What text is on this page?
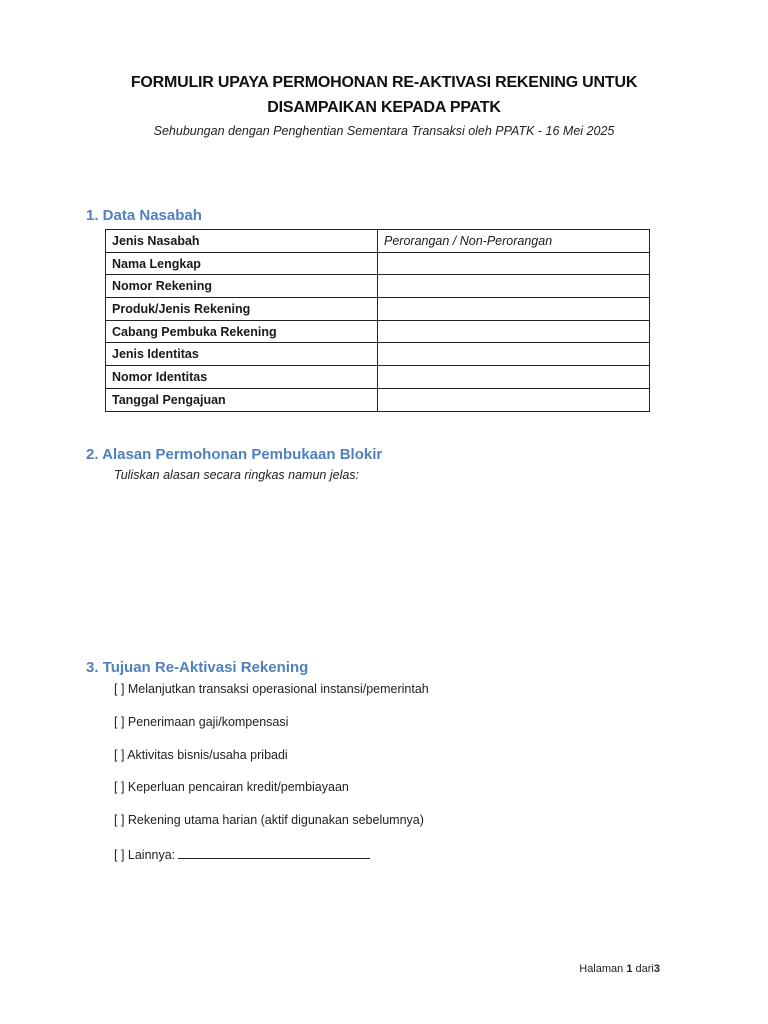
FORMULIR UPAYA PERMOHONAN RE-AKTIVASI REKENING UNTUK
DISAMPAIKAN KEPADA PPATK
Sehubungan dengan Penghentian Sementara Transaksi oleh PPATK - 16 Mei 2025
1. Data Nasabah
Jenis Nasabah	Perorangan / Non-Perorangan
Nama Lengkap	
Nomor Rekening	
Produk/Jenis Rekening	
Cabang Pembuka Rekening	
Jenis Identitas	
Nomor Identitas	
Tanggal Pengajuan	
2. Alasan Permohonan Pembukaan Blokir
Tuliskan alasan secara ringkas namun jelas:
3. Tujuan Re-Aktivasi Rekening
[ ] Melanjutkan transaksi operasional instansi/pemerintah
[ ] Penerimaan gaji/kompensasi
[ ] Aktivitas bisnis/usaha pribadi
[ ] Keperluan pencairan kredit/pembiayaan
[ ] Rekening utama harian (aktif digunakan sebelumnya)
[ ] Lainnya:
Halaman 1 dari3
